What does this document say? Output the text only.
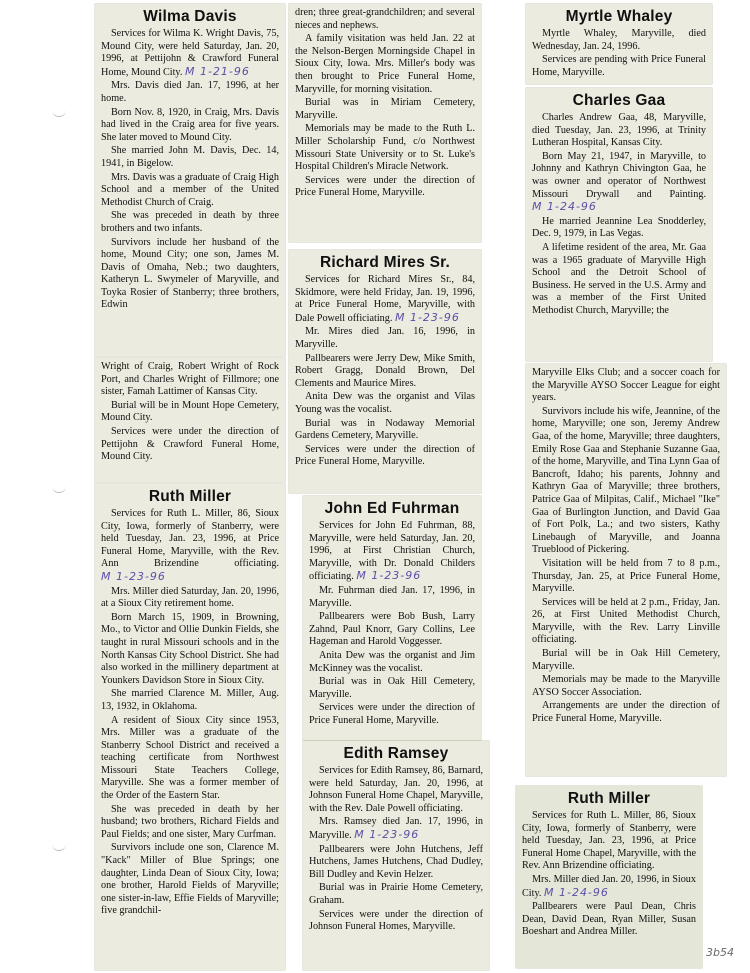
Wilma Davis

Services for Wilma K. Wright Davis, 75, Mound City, were held Saturday, Jan. 20, 1996, at Pettijohn & Crawford Funeral Home, Mound City. M 1-21-96

Mrs. Davis died Jan. 17, 1996, at her home.

Born Nov. 8, 1920, in Craig, Mrs. Davis had lived in the Craig area for five years. She later moved to Mound City.

She married John M. Davis, Dec. 14, 1941, in Bigelow.

Mrs. Davis was a graduate of Craig High School and a member of the United Methodist Church of Craig.

She was preceded in death by three brothers and two infants.

Survivors include her husband of the home, Mound City; one son, James M. Davis of Omaha, Neb.; two daughters, Katheryn L. Swymeler of Maryville, and Toyka Rosier of Stanberry; three brothers, Edwin

Wright of Craig, Robert Wright of Rock Port, and Charles Wright of Fillmore; one sister, Famah Lattimer of Kansas City.

Burial will be in Mount Hope Cemetery, Mound City.

Services were under the direction of Pettijohn & Crawford Funeral Home, Mound City.

Ruth Miller

Services for Ruth L. Miller, 86, Sioux City, Iowa, formerly of Stanberry, were held Tuesday, Jan. 23, 1996, at Price Funeral Home, Maryville, with the Rev. Ann Brizendine officiating. M 1-23-96

Mrs. Miller died Saturday, Jan. 20, 1996, at a Sioux City retirement home.

Born March 15, 1909, in Browning, Mo., to Victor and Ollie Dunkin Fields, she taught in rural Missouri schools and in the North Kansas City School District. She had also worked in the millinery department at Younkers Davidson Store in Sioux City.

She married Clarence M. Miller, Aug. 13, 1932, in Oklahoma.

A resident of Sioux City since 1953, Mrs. Miller was a graduate of the Stanberry School District and received a teaching certificate from Northwest Missouri State Teachers College, Maryville. She was a former member of the Order of the Eastern Star.

She was preceded in death by her husband; two brothers, Richard Fields and Paul Fields; and one sister, Mary Curfman.

Survivors include one son, Clarence M. "Kack" Miller of Blue Springs; one daughter, Linda Dean of Sioux City, Iowa; one brother, Harold Fields of Maryville; one sister-in-law, Effie Fields of Maryville; five grandchil-

dren; three great-grandchildren; and several nieces and nephews.

A family visitation was held Jan. 22 at the Nelson-Bergen Morningside Chapel in Sioux City, Iowa. Mrs. Miller's body was then brought to Price Funeral Home, Maryville, for morning visitation.

Burial was in Miriam Cemetery, Maryville.

Memorials may be made to the Ruth L. Miller Scholarship Fund, c/o Northwest Missouri State University or to St. Luke's Hospital Children's Miracle Network.

Services were under the direction of Price Funeral Home, Maryville.

Richard Mires Sr.

Services for Richard Mires Sr., 84, Skidmore, were held Friday, Jan. 19, 1996, at Price Funeral Home, Maryville, with Dale Powell officiating. M 1-23-96

Mr. Mires died Jan. 16, 1996, in Maryville.

Pallbearers were Jerry Dew, Mike Smith, Robert Gragg, Donald Brown, Del Clements and Maurice Mires.

Anita Dew was the organist and Vilas Young was the vocalist.

Burial was in Nodaway Memorial Gardens Cemetery, Maryville.

Services were under the direction of Price Funeral Home, Maryville.

John Ed Fuhrman

Services for John Ed Fuhrman, 88, Maryville, were held Saturday, Jan. 20, 1996, at First Christian Church, Maryville, with Dr. Donald Childers officiating. M 1-23-96

Mr. Fuhrman died Jan. 17, 1996, in Maryville.

Pallbearers were Bob Bush, Larry Zahnd, Paul Knorr, Gary Collins, Lee Hageman and Harold Voggesser.

Anita Dew was the organist and Jim McKinney was the vocalist.

Burial was in Oak Hill Cemetery, Maryville.

Services were under the direction of Price Funeral Home, Maryville.

Edith Ramsey

Services for Edith Ramsey, 86, Barnard, were held Saturday, Jan. 20, 1996, at Johnson Funeral Home Chapel, Maryville, with the Rev. Dale Powell officiating.

Mrs. Ramsey died Jan. 17, 1996, in Maryville. M 1-23-96

Pallbearers were John Hutchens, Jeff Hutchens, James Hutchens, Chad Dudley, Bill Dudley and Kevin Helzer.

Burial was in Prairie Home Cemetery, Graham.

Services were under the direction of Johnson Funeral Homes, Maryville.

Myrtle Whaley

Myrtle Whaley, Maryville, died Wednesday, Jan. 24, 1996.

Services are pending with Price Funeral Home, Maryville.

Charles Gaa

Charles Andrew Gaa, 48, Maryville, died Tuesday, Jan. 23, 1996, at Trinity Lutheran Hospital, Kansas City.

Born May 21, 1947, in Maryville, to Johnny and Kathryn Chivington Gaa, he was owner and operator of Northwest Missouri Drywall and Painting. M 1-24-96

He married Jeannine Lea Snodderley, Dec. 9, 1979, in Las Vegas.

A lifetime resident of the area, Mr. Gaa was a 1965 graduate of Maryville High School and the Detroit School of Business. He served in the U.S. Army and was a member of the First United Methodist Church, Maryville; the

Maryville Elks Club; and a soccer coach for the Maryville AYSO Soccer League for eight years.

Survivors include his wife, Jeannine, of the home, Maryville; one son, Jeremy Andrew Gaa, of the home, Maryville; three daughters, Emily Rose Gaa and Stephanie Suzanne Gaa, of the home, Maryville, and Tina Lynn Gaa of Bancroft, Idaho; his parents, Johnny and Kathryn Gaa of Maryville; three brothers, Patrice Gaa of Milpitas, Calif., Michael "Ike" Gaa of Burlington Junction, and David Gaa of Fort Polk, La.; and two sisters, Kathy Linebaugh of Maryville, and Joanna Trueblood of Pickering.

Visitation will be held from 7 to 8 p.m., Thursday, Jan. 25, at Price Funeral Home, Maryville.

Services will be held at 2 p.m., Friday, Jan. 26, at First United Methodist Church, Maryville, with the Rev. Larry Linville officiating.

Burial will be in Oak Hill Cemetery, Maryville.

Memorials may be made to the Maryville AYSO Soccer Association.

Arrangements are under the direction of Price Funeral Home, Maryville.

Ruth Miller

Services for Ruth L. Miller, 86, Sioux City, Iowa, formerly of Stanberry, were held Tuesday, Jan. 23, 1996, at Price Funeral Home Chapel, Maryville, with the Rev. Ann Brizendine officiating.

Mrs. Miller died Jan. 20, 1996, in Sioux City. M 1-24-96

Pallbearers were Paul Dean, Chris Dean, David Dean, Ryan Miller, Susan Boeshart and Andrea Miller.

3b54
